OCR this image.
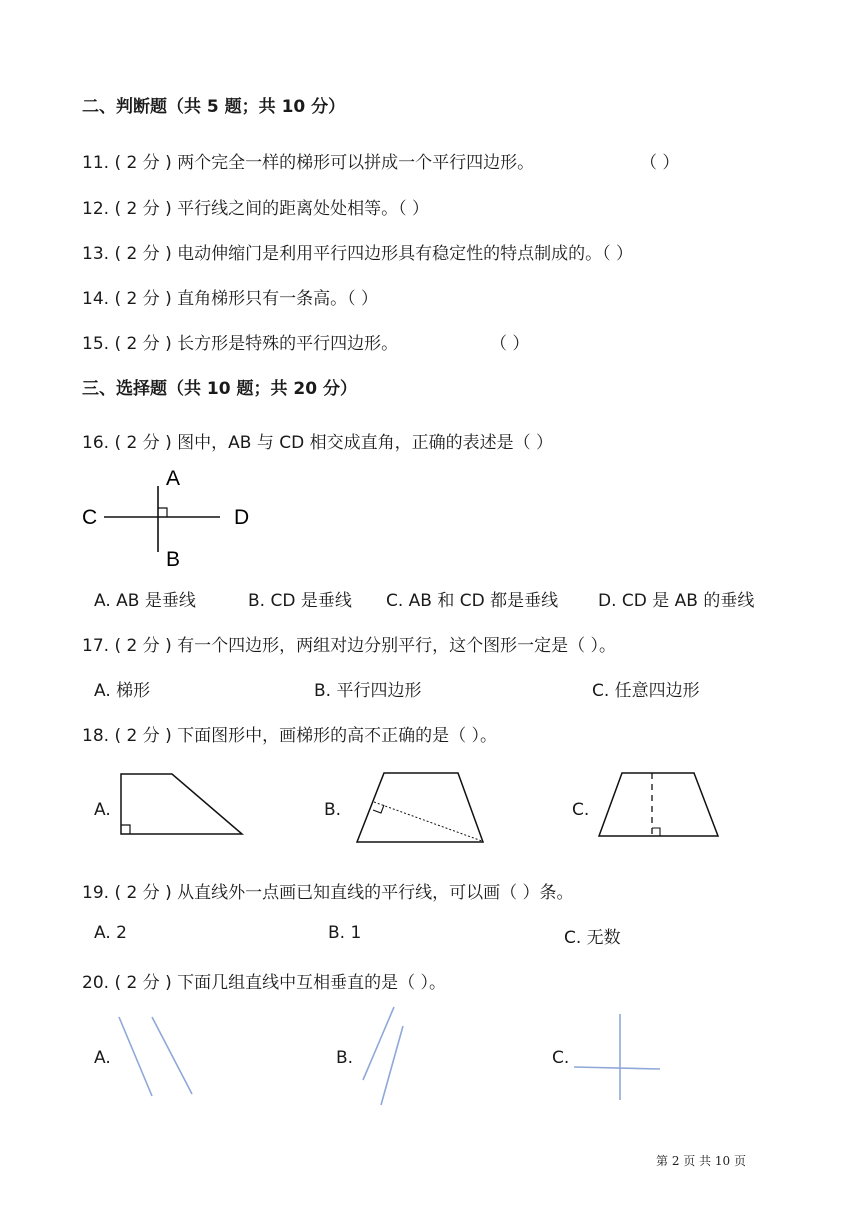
二、判断题（共 5 题；共 10 分）
11. ( 2 分 ) 两个完全一样的梯形可以拼成一个平行四边形。	（ ）
12. ( 2 分 ) 平行线之间的距离处处相等。（ ）
13. ( 2 分 ) 电动伸缩门是利用平行四边形具有稳定性的特点制成的。（ ）
14. ( 2 分 ) 直角梯形只有一条高。（ ）
15. ( 2 分 ) 长方形是特殊的平行四边形。	（ ）
三、选择题（共 10 题；共 20 分）
16. ( 2 分 ) 图中，AB 与 CD 相交成直角，正确的表述是（ ）
A
B
C	D
A. AB 是垂线	B. CD 是垂线 C. AB 和 CD 都是垂线 D. CD 是 AB 的垂线
17. ( 2 分 ) 有一个四边形，两组对边分别平行，这个图形一定是（ ）。
A. 梯形	B. 平行四边形	C. 任意四边形
18. ( 2 分 ) 下面图形中，画梯形的高不正确的是（ ）。
A.	B.	C.
19. ( 2 分 ) 从直线外一点画已知直线的平行线，可以画（ ）条。
A. 2	B. 1	C. 无数
20. ( 2 分 ) 下面几组直线中互相垂直的是（ ）。
A.	B.	C.
第 2 页 共 10 页
